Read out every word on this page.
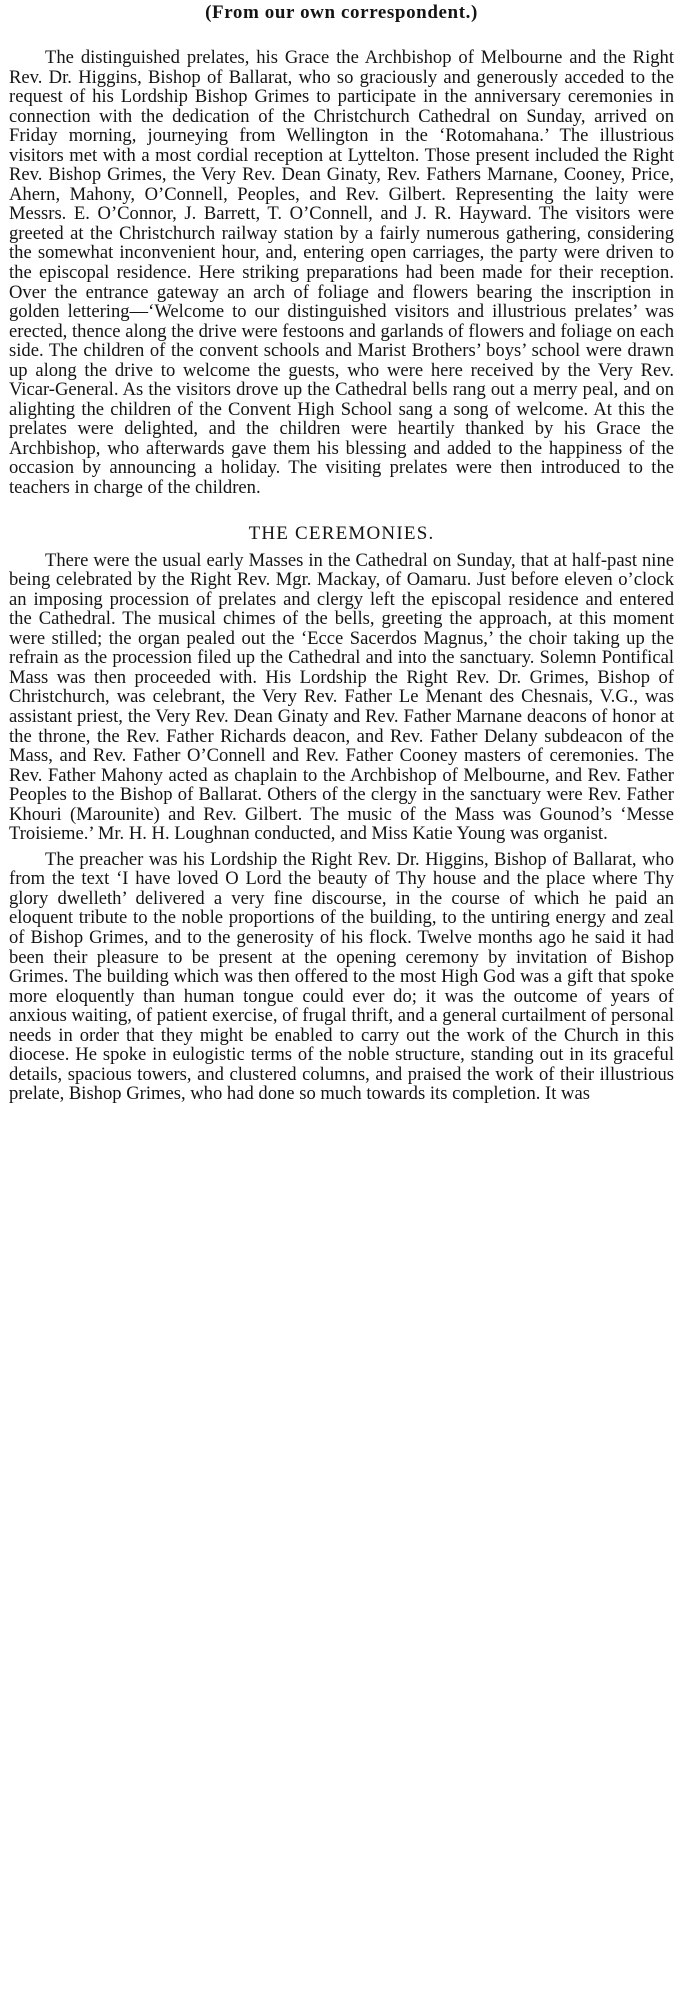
(From our own correspondent.)

The distinguished prelates, his Grace the Archbishop of Melbourne and the Right Rev. Dr. Higgins, Bishop of Ballarat, who so graciously and generously acceded to the request of his Lordship Bishop Grimes to participate in the anniversary ceremonies in connection with the dedication of the Christchurch Cathedral on Sunday, arrived on Friday morning, journeying from Wellington in the ‘Rotomahana.’ The illustrious visitors met with a most cordial reception at Lyttelton. Those present included the Right Rev. Bishop Grimes, the Very Rev. Dean Ginaty, Rev. Fathers Marnane, Cooney, Price, Ahern, Mahony, O’Connell, Peoples, and Rev. Gilbert. Representing the laity were Messrs. E. O’Connor, J. Barrett, T. O’Connell, and J. R. Hayward. The visitors were greeted at the Christchurch railway station by a fairly numerous gathering, considering the somewhat inconvenient hour, and, entering open carriages, the party were driven to the episcopal residence. Here striking preparations had been made for their reception. Over the entrance gateway an arch of foliage and flowers bearing the inscription in golden lettering—‘Welcome to our distinguished visitors and illustrious prelates’ was erected, thence along the drive were festoons and garlands of flowers and foliage on each side. The children of the convent schools and Marist Brothers’ boys’ school were drawn up along the drive to welcome the guests, who were here received by the Very Rev. Vicar-General. As the visitors drove up the Cathedral bells rang out a merry peal, and on alighting the children of the Convent High School sang a song of welcome. At this the prelates were delighted, and the children were heartily thanked by his Grace the Archbishop, who afterwards gave them his blessing and added to the happiness of the occasion by announcing a holiday. The visiting prelates were then introduced to the teachers in charge of the children.

THE CEREMONIES.

There were the usual early Masses in the Cathedral on Sunday, that at half-past nine being celebrated by the Right Rev. Mgr. Mackay, of Oamaru. Just before eleven o’clock an imposing procession of prelates and clergy left the episcopal residence and entered the Cathedral. The musical chimes of the bells, greeting the approach, at this moment were stilled; the organ pealed out the ‘Ecce Sacerdos Magnus,’ the choir taking up the refrain as the procession filed up the Cathedral and into the sanctuary. Solemn Pontifical Mass was then proceeded with. His Lordship the Right Rev. Dr. Grimes, Bishop of Christchurch, was celebrant, the Very Rev. Father Le Menant des Chesnais, V.G., was assistant priest, the Very Rev. Dean Ginaty and Rev. Father Marnane deacons of honor at the throne, the Rev. Father Richards deacon, and Rev. Father Delany subdeacon of the Mass, and Rev. Father O’Connell and Rev. Father Cooney masters of ceremonies. The Rev. Father Mahony acted as chaplain to the Archbishop of Melbourne, and Rev. Father Peoples to the Bishop of Ballarat. Others of the clergy in the sanctuary were Rev. Father Khouri (Marounite) and Rev. Gilbert. The music of the Mass was Gounod’s ‘Messe Troisieme.’ Mr. H. H. Loughnan conducted, and Miss Katie Young was organist.

The preacher was his Lordship the Right Rev. Dr. Higgins, Bishop of Ballarat, who from the text ‘I have loved O Lord the beauty of Thy house and the place where Thy glory dwelleth’ delivered a very fine discourse, in the course of which he paid an eloquent tribute to the noble proportions of the building, to the untiring energy and zeal of Bishop Grimes, and to the generosity of his flock. Twelve months ago he said it had been their pleasure to be present at the opening ceremony by invitation of Bishop Grimes. The building which was then offered to the most High God was a gift that spoke more eloquently than human tongue could ever do; it was the outcome of years of anxious waiting, of patient exercise, of frugal thrift, and a general curtailment of personal needs in order that they might be enabled to carry out the work of the Church in this diocese. He spoke in eulogistic terms of the noble structure, standing out in its graceful details, spacious towers, and clustered columns, and praised the work of their illustrious prelate, Bishop Grimes, who had done so much towards its completion. It was
